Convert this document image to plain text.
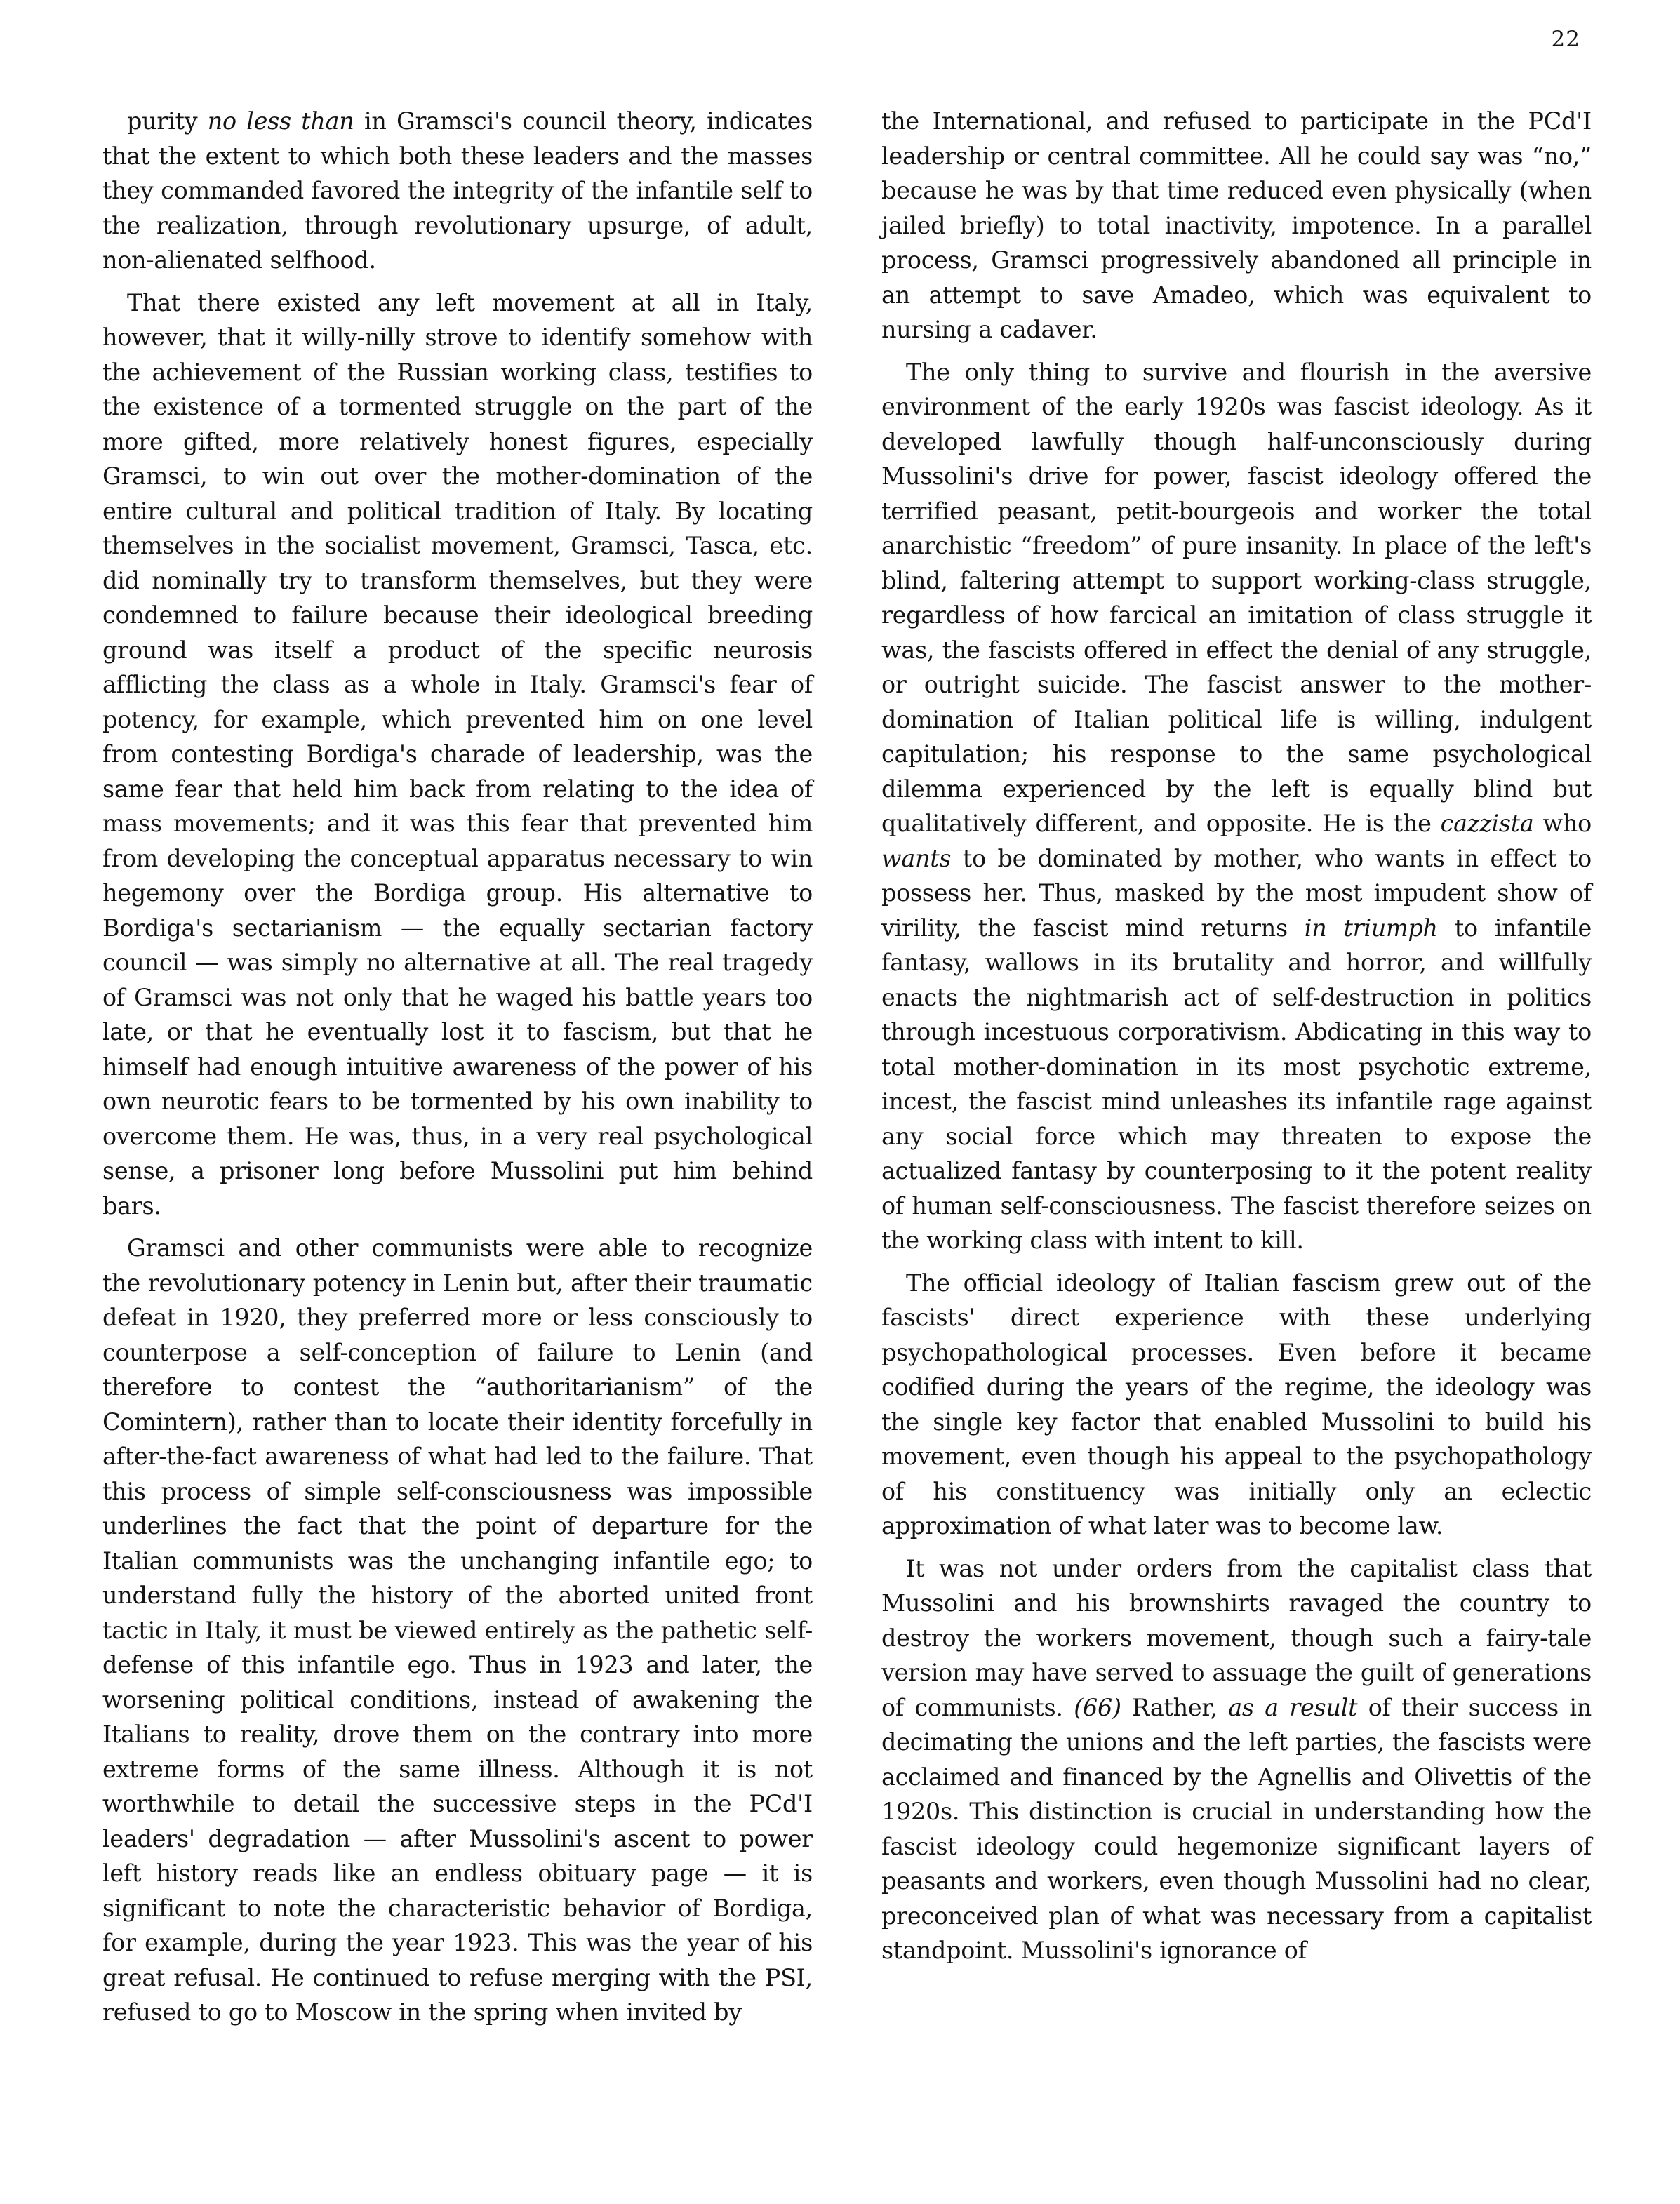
22

purity no less than in Gramsci's council theory, indicates that the extent to which both these leaders and the masses they commanded favored the integrity of the infantile self to the realization, through revolutionary upsurge, of adult, non-alienated selfhood.

That there existed any left movement at all in Italy, however, that it willy-nilly strove to identify somehow with the achievement of the Russian working class, testifies to the existence of a tormented struggle on the part of the more gifted, more relatively honest figures, especially Gramsci, to win out over the mother-domination of the entire cultural and political tradition of Italy. By locating themselves in the socialist movement, Gramsci, Tasca, etc. did nominally try to transform themselves, but they were condemned to failure because their ideological breeding ground was itself a product of the specific neurosis afflicting the class as a whole in Italy. Gramsci's fear of potency, for example, which prevented him on one level from contesting Bordiga's charade of leadership, was the same fear that held him back from relating to the idea of mass movements; and it was this fear that prevented him from developing the conceptual apparatus necessary to win hegemony over the Bordiga group. His alternative to Bordiga's sectarianism — the equally sectarian factory council — was simply no alternative at all. The real tragedy of Gramsci was not only that he waged his battle years too late, or that he eventually lost it to fascism, but that he himself had enough intuitive awareness of the power of his own neurotic fears to be tormented by his own inability to overcome them. He was, thus, in a very real psychological sense, a prisoner long before Mussolini put him behind bars.

Gramsci and other communists were able to recognize the revolutionary potency in Lenin but, after their traumatic defeat in 1920, they preferred more or less consciously to counterpose a self-conception of failure to Lenin (and therefore to contest the “authoritarianism” of the Comintern), rather than to locate their identity forcefully in after-the-fact awareness of what had led to the failure. That this process of simple self-consciousness was impossible underlines the fact that the point of departure for the Italian communists was the unchanging infantile ego; to understand fully the history of the aborted united front tactic in Italy, it must be viewed entirely as the pathetic self-defense of this infantile ego. Thus in 1923 and later, the worsening political conditions, instead of awakening the Italians to reality, drove them on the contrary into more extreme forms of the same illness. Although it is not worthwhile to detail the successive steps in the PCd'I leaders' degradation — after Mussolini's ascent to power left history reads like an endless obituary page — it is significant to note the characteristic behavior of Bordiga, for example, during the year 1923. This was the year of his great refusal. He continued to refuse merging with the PSI, refused to go to Moscow in the spring when invited by

the International, and refused to participate in the PCd'I leadership or central committee. All he could say was “no,” because he was by that time reduced even physically (when jailed briefly) to total inactivity, impotence. In a parallel process, Gramsci progressively abandoned all principle in an attempt to save Amadeo, which was equivalent to nursing a cadaver.

The only thing to survive and flourish in the aversive environment of the early 1920s was fascist ideology. As it developed lawfully though half-unconsciously during Mussolini's drive for power, fascist ideology offered the terrified peasant, petit-bourgeois and worker the total anarchistic “freedom” of pure insanity. In place of the left's blind, faltering attempt to support working-class struggle, regardless of how farcical an imitation of class struggle it was, the fascists offered in effect the denial of any struggle, or outright suicide. The fascist answer to the mother-domination of Italian political life is willing, indulgent capitulation; his response to the same psychological dilemma experienced by the left is equally blind but qualitatively different, and opposite. He is the cazzista who wants to be dominated by mother, who wants in effect to possess her. Thus, masked by the most impudent show of virility, the fascist mind returns in triumph to infantile fantasy, wallows in its brutality and horror, and willfully enacts the nightmarish act of self-destruction in politics through incestuous corporativism. Abdicating in this way to total mother-domination in its most psychotic extreme, incest, the fascist mind unleashes its infantile rage against any social force which may threaten to expose the actualized fantasy by counterposing to it the potent reality of human self-consciousness. The fascist therefore seizes on the working class with intent to kill.

The official ideology of Italian fascism grew out of the fascists' direct experience with these underlying psychopathological processes. Even before it became codified during the years of the regime, the ideology was the single key factor that enabled Mussolini to build his movement, even though his appeal to the psychopathology of his constituency was initially only an eclectic approximation of what later was to become law.

It was not under orders from the capitalist class that Mussolini and his brownshirts ravaged the country to destroy the workers movement, though such a fairy-tale version may have served to assuage the guilt of generations of communists. (66) Rather, as a result of their success in decimating the unions and the left parties, the fascists were acclaimed and financed by the Agnellis and Olivettis of the 1920s. This distinction is crucial in understanding how the fascist ideology could hegemonize significant layers of peasants and workers, even though Mussolini had no clear, preconceived plan of what was necessary from a capitalist standpoint. Mussolini's ignorance of
